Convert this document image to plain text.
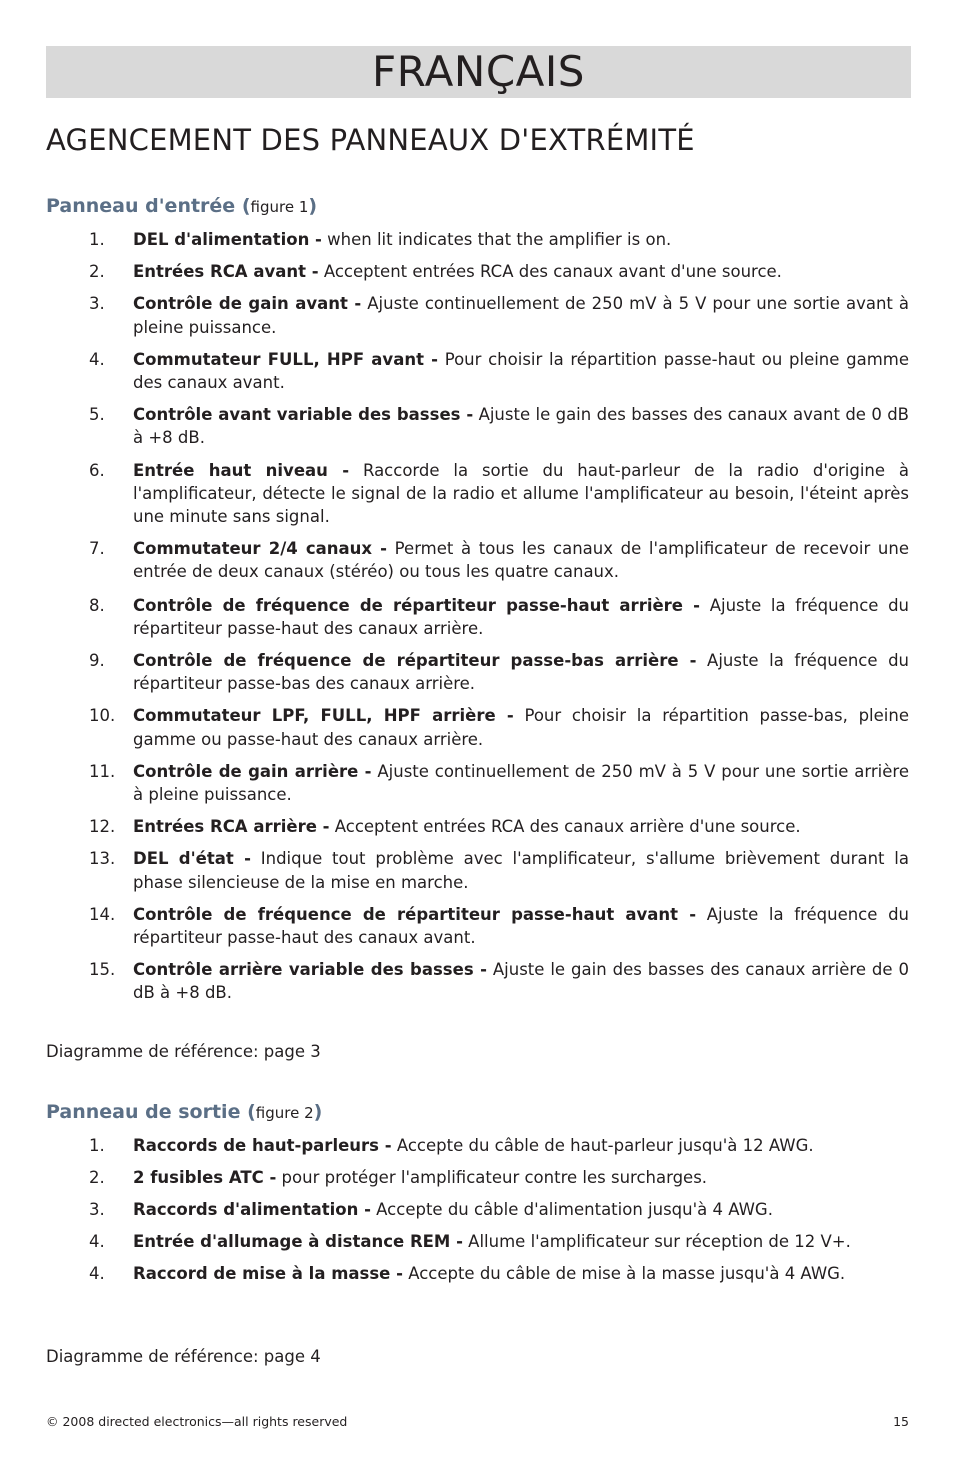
FRANÇAIS
AGENCEMENT DES PANNEAUX D'EXTRÉMITÉ
Panneau d'entrée (figure 1)
1. DEL d'alimentation - when lit indicates that the amplifier is on.
2. Entrées RCA avant - Acceptent entrées RCA des canaux avant d'une source.
3. Contrôle de gain avant - Ajuste continuellement de 250 mV à 5 V pour une sortie avant à pleine puissance.
4. Commutateur FULL, HPF avant - Pour choisir la répartition passe-haut ou pleine gamme des canaux avant.
5. Contrôle avant variable des basses - Ajuste le gain des basses des canaux avant de 0 dB à +8 dB.
6. Entrée haut niveau - Raccorde la sortie du haut-parleur de la radio d'origine à l'amplificateur, détecte le signal de la radio et allume l'amplificateur au besoin, l'éteint après une minute sans signal.
7. Commutateur 2/4 canaux - Permet à tous les canaux de l'amplificateur de recevoir une entrée de deux canaux (stéréo) ou tous les quatre canaux.
8. Contrôle de fréquence de répartiteur passe-haut arrière - Ajuste la fréquence du répartiteur passe-haut des canaux arrière.
9. Contrôle de fréquence de répartiteur passe-bas arrière - Ajuste la fréquence du répartiteur passe-bas des canaux arrière.
10. Commutateur LPF, FULL, HPF arrière - Pour choisir la répartition passe-bas, pleine gamme ou passe-haut des canaux arrière.
11. Contrôle de gain arrière - Ajuste continuellement de 250 mV à 5 V pour une sortie arrière à pleine puissance.
12. Entrées RCA arrière - Acceptent entrées RCA des canaux arrière d'une source.
13. DEL d'état - Indique tout problème avec l'amplificateur, s'allume brièvement durant la phase silencieuse de la mise en marche.
14. Contrôle de fréquence de répartiteur passe-haut avant - Ajuste la fréquence du répartiteur passe-haut des canaux avant.
15. Contrôle arrière variable des basses - Ajuste le gain des basses des canaux arrière de 0 dB à +8 dB.
Diagramme de référence: page 3
Panneau de sortie (figure 2)
1. Raccords de haut-parleurs - Accepte du câble de haut-parleur jusqu'à 12 AWG.
2. 2 fusibles ATC - pour protéger l'amplificateur contre les surcharges.
3. Raccords d'alimentation - Accepte du câble d'alimentation jusqu'à 4 AWG.
4. Entrée d'allumage à distance REM - Allume l'amplificateur sur réception de 12 V+.
4. Raccord de mise à la masse - Accepte du câble de mise à la masse jusqu'à 4 AWG.
Diagramme de référence: page 4
© 2008 directed electronics—all rights reserved	15
